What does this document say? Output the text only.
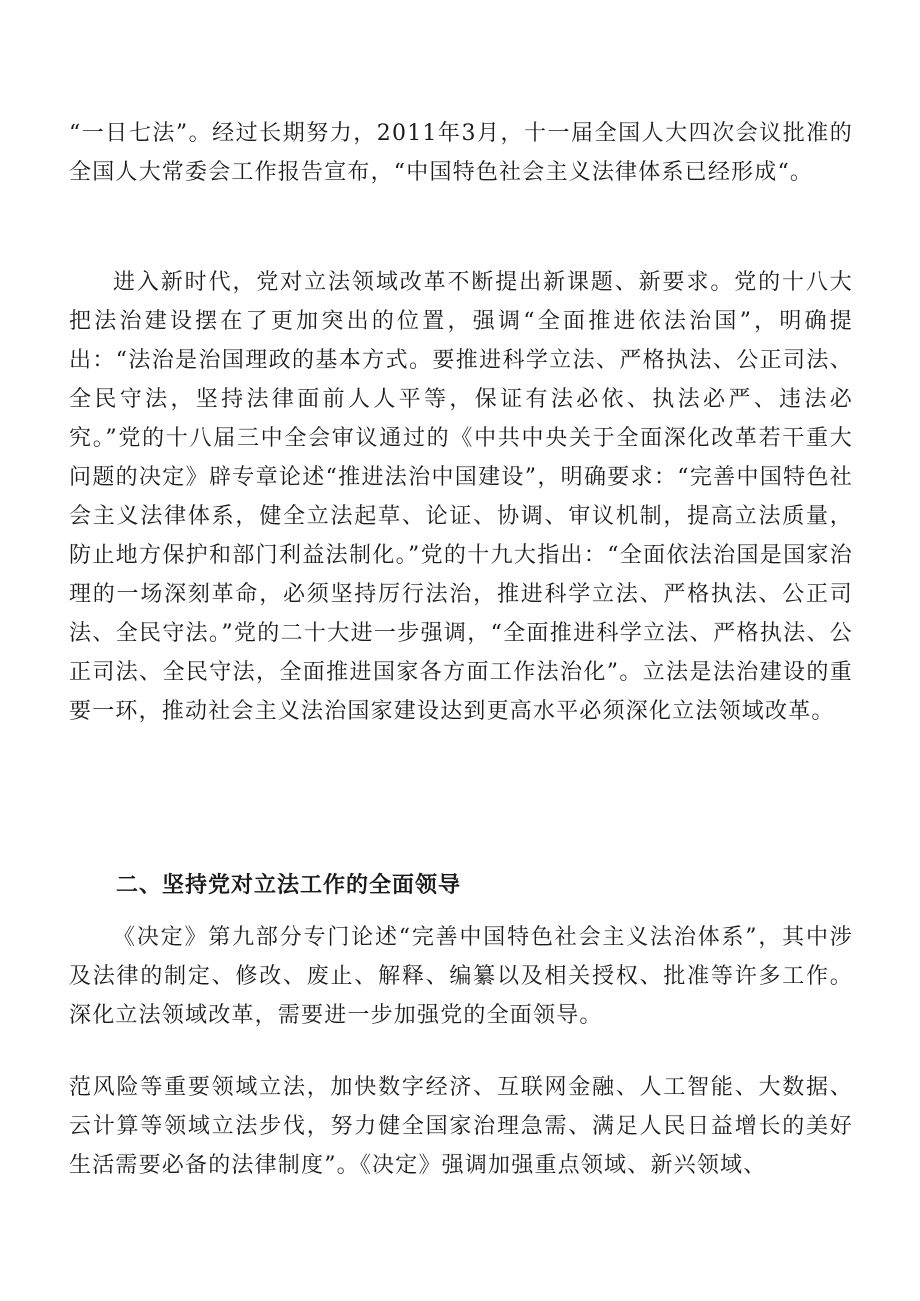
“一日七法”。经过长期努力，2011年3月，十一届全国人大四次会议批准的全国人大常委会工作报告宣布，“中国特色社会主义法律体系已经形成“。

进入新时代，党对立法领域改革不断提出新课题、新要求。党的十八大把法治建设摆在了更加突出的位置，强调“全面推进依法治国”，明确提出：“法治是治国理政的基本方式。要推进科学立法、严格执法、公正司法、全民守法，坚持法律面前人人平等，保证有法必依、执法必严、违法必究。”党的十八届三中全会审议通过的《中共中央关于全面深化改革若干重大问题的决定》辟专章论述“推进法治中国建设”，明确要求：“完善中国特色社会主义法律体系，健全立法起草、论证、协调、审议机制，提高立法质量，防止地方保护和部门利益法制化。”党的十九大指出：“全面依法治国是国家治理的一场深刻革命，必须坚持厉行法治，推进科学立法、严格执法、公正司法、全民守法。”党的二十大进一步强调，“全面推进科学立法、严格执法、公正司法、全民守法，全面推进国家各方面工作法治化”。立法是法治建设的重要一环，推动社会主义法治国家建设达到更高水平必须深化立法领域改革。

二、坚持党对立法工作的全面领导

《决定》第九部分专门论述“完善中国特色社会主义法治体系”，其中涉及法律的制定、修改、废止、解释、编纂以及相关授权、批准等许多工作。深化立法领域改革，需要进一步加强党的全面领导。

范风险等重要领域立法，加快数字经济、互联网金融、人工智能、大数据、云计算等领域立法步伐，努力健全国家治理急需、满足人民日益增长的美好生活需要必备的法律制度”。《决定》强调加强重点领域、新兴领域、
